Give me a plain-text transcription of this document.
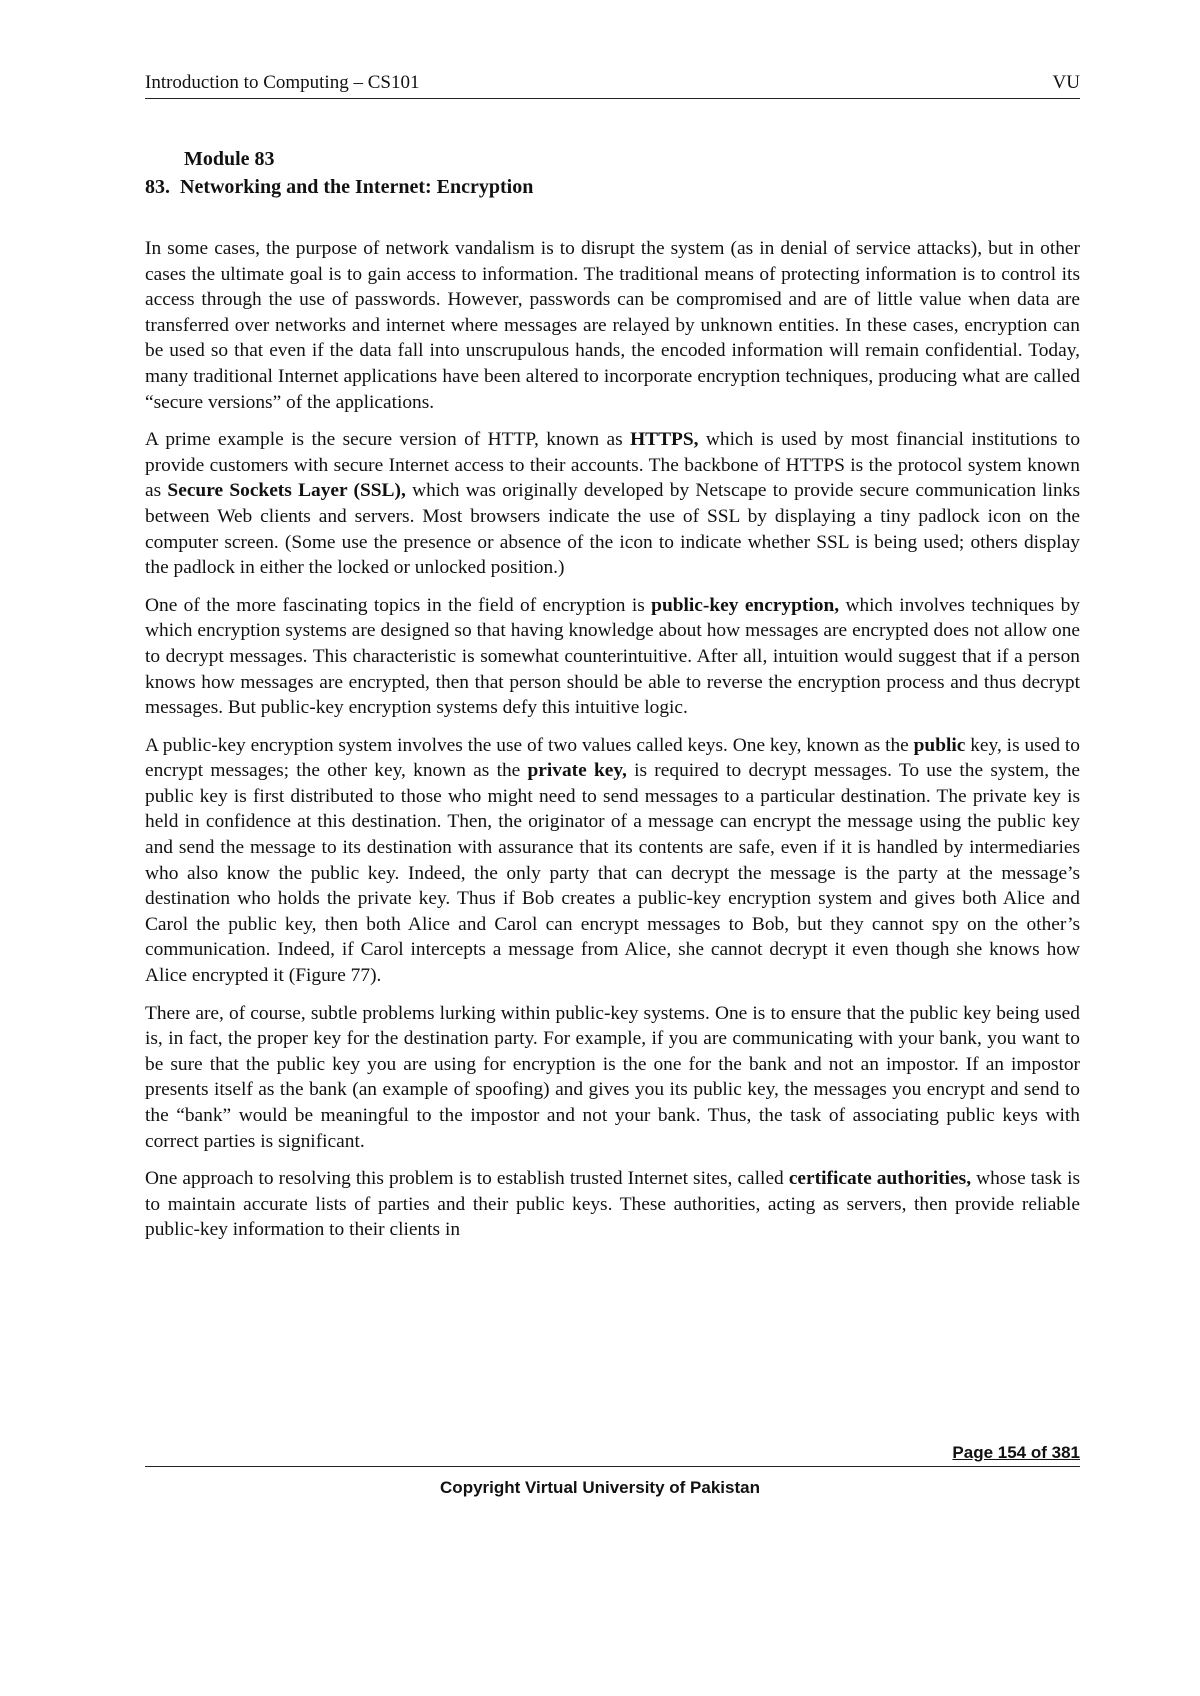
Introduction to Computing – CS101	VU
Module 83
83. Networking and the Internet: Encryption

In some cases, the purpose of network vandalism is to disrupt the system (as in denial of service attacks), but in other cases the ultimate goal is to gain access to information. The traditional means of protecting information is to control its access through the use of passwords. However, passwords can be compromised and are of little value when data are transferred over networks and internet where messages are relayed by unknown entities. In these cases, encryption can be used so that even if the data fall into unscrupulous hands, the encoded information will remain confidential. Today, many traditional Internet applications have been altered to incorporate encryption techniques, producing what are called “secure versions” of the applications.

A prime example is the secure version of HTTP, known as HTTPS, which is used by most financial institutions to provide customers with secure Internet access to their accounts. The backbone of HTTPS is the protocol system known as Secure Sockets Layer (SSL), which was originally developed by Netscape to provide secure communication links between Web clients and servers. Most browsers indicate the use of SSL by displaying a tiny padlock icon on the computer screen. (Some use the presence or absence of the icon to indicate whether SSL is being used; others display the padlock in either the locked or unlocked position.)

One of the more fascinating topics in the field of encryption is public-key encryption, which involves techniques by which encryption systems are designed so that having knowledge about how messages are encrypted does not allow one to decrypt messages. This characteristic is somewhat counterintuitive. After all, intuition would suggest that if a person knows how messages are encrypted, then that person should be able to reverse the encryption process and thus decrypt messages. But public-key encryption systems defy this intuitive logic.

A public-key encryption system involves the use of two values called keys. One key, known as the public key, is used to encrypt messages; the other key, known as the private key, is required to decrypt messages. To use the system, the public key is first distributed to those who might need to send messages to a particular destination. The private key is held in confidence at this destination. Then, the originator of a message can encrypt the message using the public key and send the message to its destination with assurance that its contents are safe, even if it is handled by intermediaries who also know the public key. Indeed, the only party that can decrypt the message is the party at the message’s destination who holds the private key. Thus if Bob creates a public-key encryption system and gives both Alice and Carol the public key, then both Alice and Carol can encrypt messages to Bob, but they cannot spy on the other’s communication. Indeed, if Carol intercepts a message from Alice, she cannot decrypt it even though she knows how Alice encrypted it (Figure 77).

There are, of course, subtle problems lurking within public-key systems. One is to ensure that the public key being used is, in fact, the proper key for the destination party. For example, if you are communicating with your bank, you want to be sure that the public key you are using for encryption is the one for the bank and not an impostor. If an impostor presents itself as the bank (an example of spoofing) and gives you its public key, the messages you encrypt and send to the “bank” would be meaningful to the impostor and not your bank. Thus, the task of associating public keys with correct parties is significant.

One approach to resolving this problem is to establish trusted Internet sites, called certificate authorities, whose task is to maintain accurate lists of parties and their public keys. These authorities, acting as servers, then provide reliable public-key information to their clients in

Page 154 of 381
Copyright Virtual University of Pakistan
